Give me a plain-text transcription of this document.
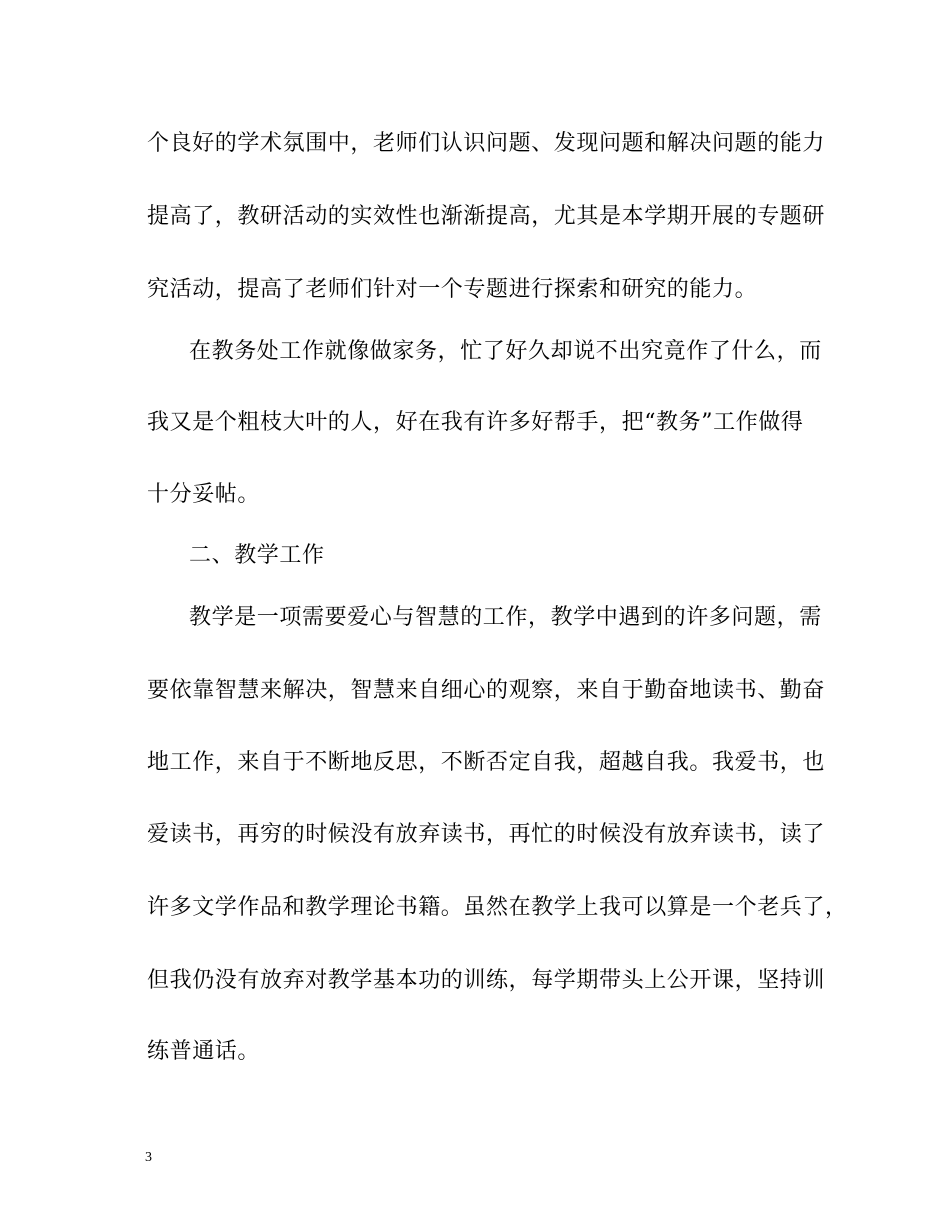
个良好的学术氛围中，老师们认识问题、发现问题和解决问题的能力
提高了，教研活动的实效性也渐渐提高，尤其是本学期开展的专题研
究活动，提高了老师们针对一个专题进行探索和研究的能力。
在教务处工作就像做家务，忙了好久却说不出究竟作了什么，而
我又是个粗枝大叶的人，好在我有许多好帮手，把“教务”工作做得
十分妥帖。
二、教学工作
教学是一项需要爱心与智慧的工作，教学中遇到的许多问题，需
要依靠智慧来解决，智慧来自细心的观察，来自于勤奋地读书、勤奋
地工作，来自于不断地反思，不断否定自我，超越自我。我爱书，也
爱读书，再穷的时候没有放弃读书，再忙的时候没有放弃读书，读了
许多文学作品和教学理论书籍。虽然在教学上我可以算是一个老兵了，
但我仍没有放弃对教学基本功的训练，每学期带头上公开课，坚持训
练普通话。
3
